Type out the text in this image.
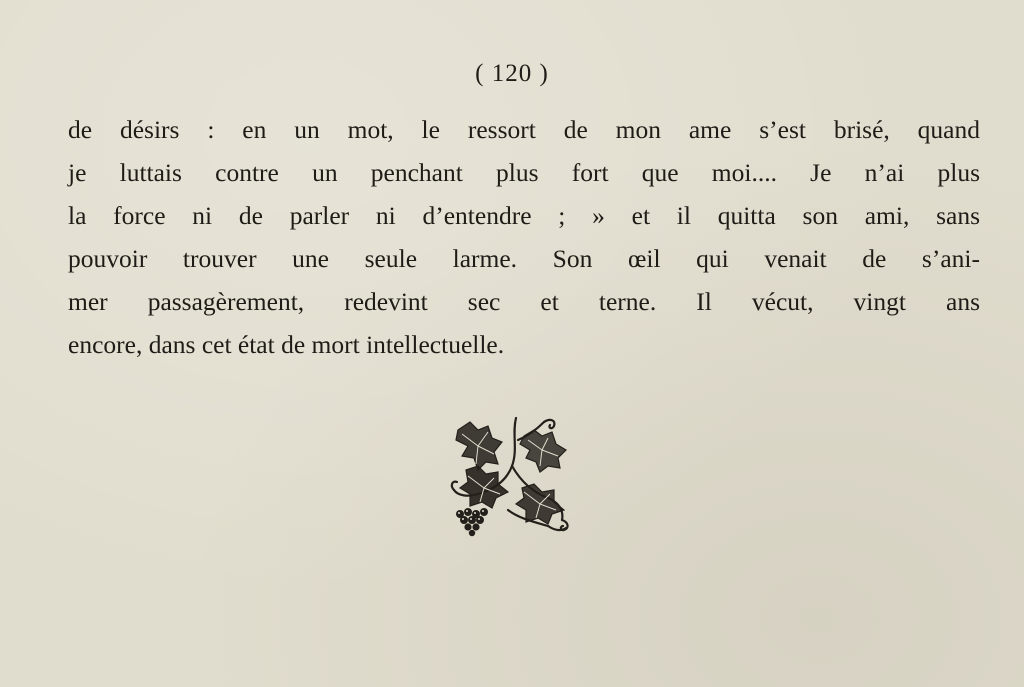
( 120 )
de désirs : en un mot, le ressort de mon ame s’est brisé, quand
je luttais contre un penchant plus fort que moi.... Je n’ai plus
la force ni de parler ni d’entendre ; » et il quitta son ami, sans
pouvoir trouver une seule larme. Son œil qui venait de s’ani-
mer passagèrement, redevint sec et terne. Il vécut, vingt ans
encore, dans cet état de mort intellectuelle.
